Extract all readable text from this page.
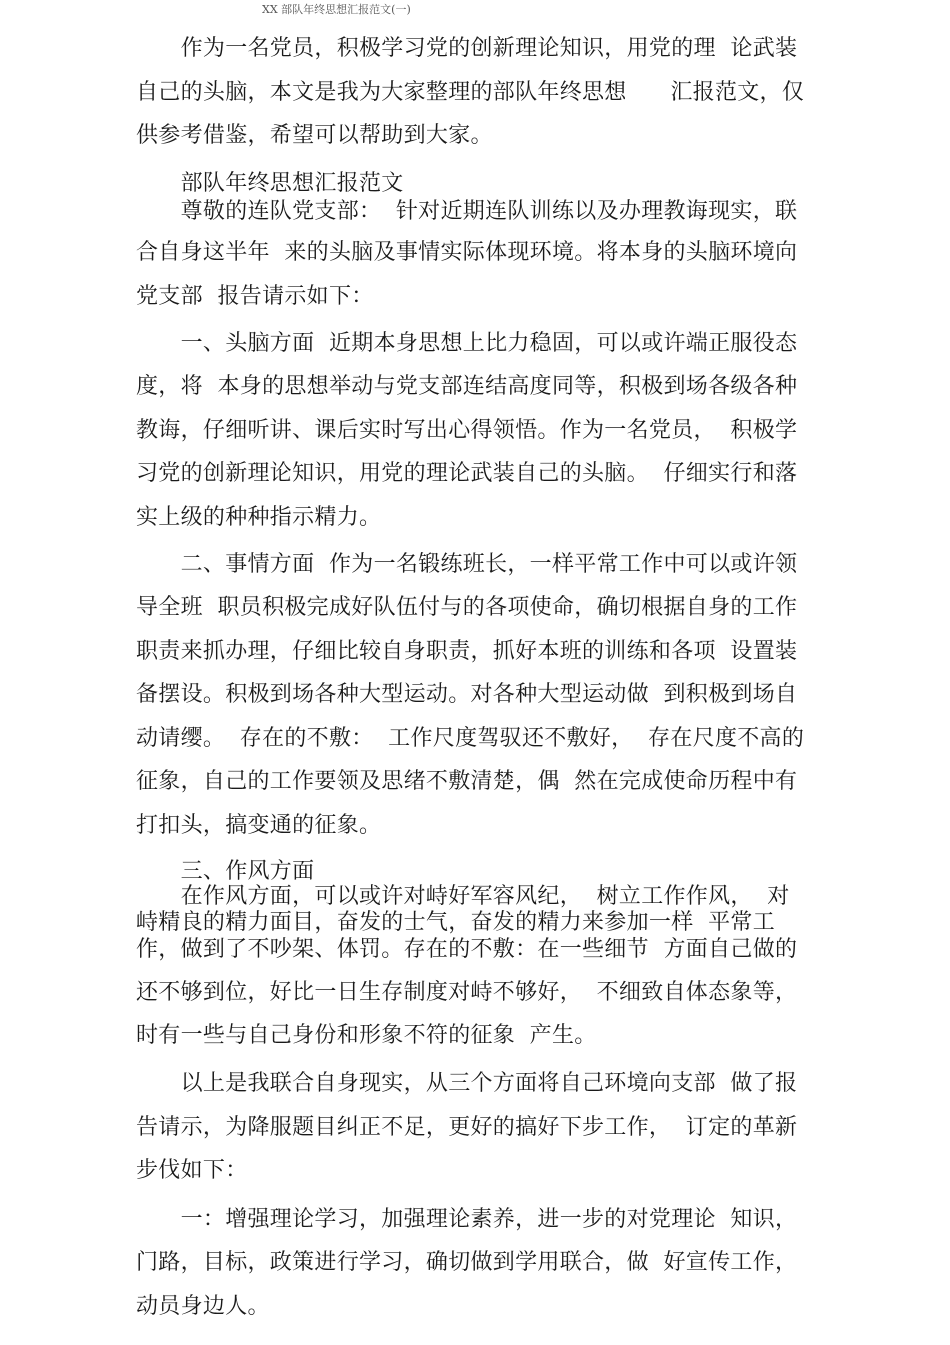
XX 部队年终思想汇报范文(一)
　　作为一名党员，积极学习党的创新理论知识，用党的理  论武装
自己的头脑，本文是我为大家整理的部队年终思想      汇报范文，仅
供参考借鉴，希望可以帮助到大家。
　　部队年终思想汇报范文
　　尊敬的连队党支部：  针对近期连队训练以及办理教诲现实，联
合自身这半年  来的头脑及事情实际体现环境。将本身的头脑环境向
党支部  报告请示如下：
　　一、头脑方面  近期本身思想上比力稳固，可以或许端正服役态
度，将  本身的思想举动与党支部连结高度同等，积极到场各级各种
教诲，仔细听讲、课后实时写出心得领悟。作为一名党员，  积极学
习党的创新理论知识，用党的理论武装自己的头脑。  仔细实行和落
实上级的种种指示精力。
　　二、事情方面  作为一名锻练班长，一样平常工作中可以或许领
导全班  职员积极完成好队伍付与的各项使命，确切根据自身的工作
职责来抓办理，仔细比较自身职责，抓好本班的训练和各项  设置装
备摆设。积极到场各种大型运动。对各种大型运动做  到积极到场自
动请缨。  存在的不敷：  工作尺度驾驭还不敷好，  存在尺度不高的
征象，自己的工作要领及思绪不敷清楚，偶  然在完成使命历程中有
打扣头，搞变通的征象。
　　三、作风方面
　　在作风方面，可以或许对峙好军容风纪，  树立工作作风，  对
峙精良的精力面目，奋发的士气，奋发的精力来参加一样  平常工
作，做到了不吵架、体罚。存在的不敷：在一些细节  方面自己做的
还不够到位，好比一日生存制度对峙不够好，  不细致自体态象等，
时有一些与自己身份和形象不符的征象  产生。
　　以上是我联合自身现实，从三个方面将自己环境向支部  做了报
告请示，为降服题目纠正不足，更好的搞好下步工作，  订定的革新
步伐如下：
　　一：增强理论学习，加强理论素养，进一步的对党理论  知识，
门路，目标，政策进行学习，确切做到学用联合，做  好宣传工作，
动员身边人。
